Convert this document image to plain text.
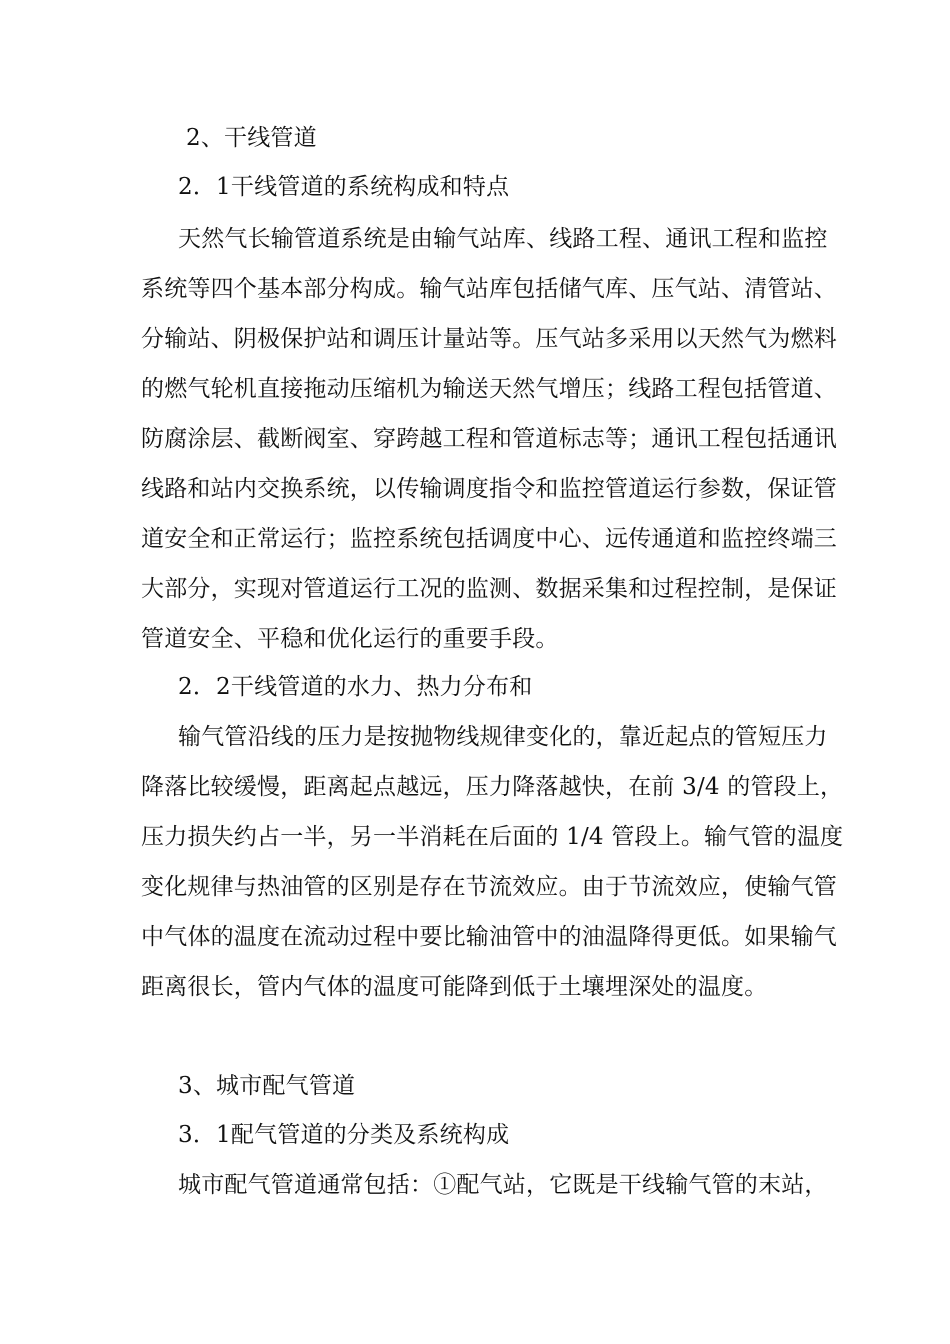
2、干线管道
2．1干线管道的系统构成和特点
天然气长输管道系统是由输气站库、线路工程、通讯工程和监控
系统等四个基本部分构成。输气站库包括储气库、压气站、清管站、
分输站、阴极保护站和调压计量站等。压气站多采用以天然气为燃料
的燃气轮机直接拖动压缩机为输送天然气增压；线路工程包括管道、
防腐涂层、截断阀室、穿跨越工程和管道标志等；通讯工程包括通讯
线路和站内交换系统，以传输调度指令和监控管道运行参数，保证管
道安全和正常运行；监控系统包括调度中心、远传通道和监控终端三
大部分，实现对管道运行工况的监测、数据采集和过程控制，是保证
管道安全、平稳和优化运行的重要手段。
2．2干线管道的水力、热力分布和
输气管沿线的压力是按抛物线规律变化的，靠近起点的管短压力
降落比较缓慢，距离起点越远，压力降落越快，在前 3/4 的管段上，
压力损失约占一半，另一半消耗在后面的 1/4 管段上。输气管的温度
变化规律与热油管的区别是存在节流效应。由于节流效应，使输气管
中气体的温度在流动过程中要比输油管中的油温降得更低。如果输气
距离很长，管内气体的温度可能降到低于土壤埋深处的温度。
3、城市配气管道
3．1配气管道的分类及系统构成
城市配气管道通常包括：①配气站，它既是干线输气管的末站，
